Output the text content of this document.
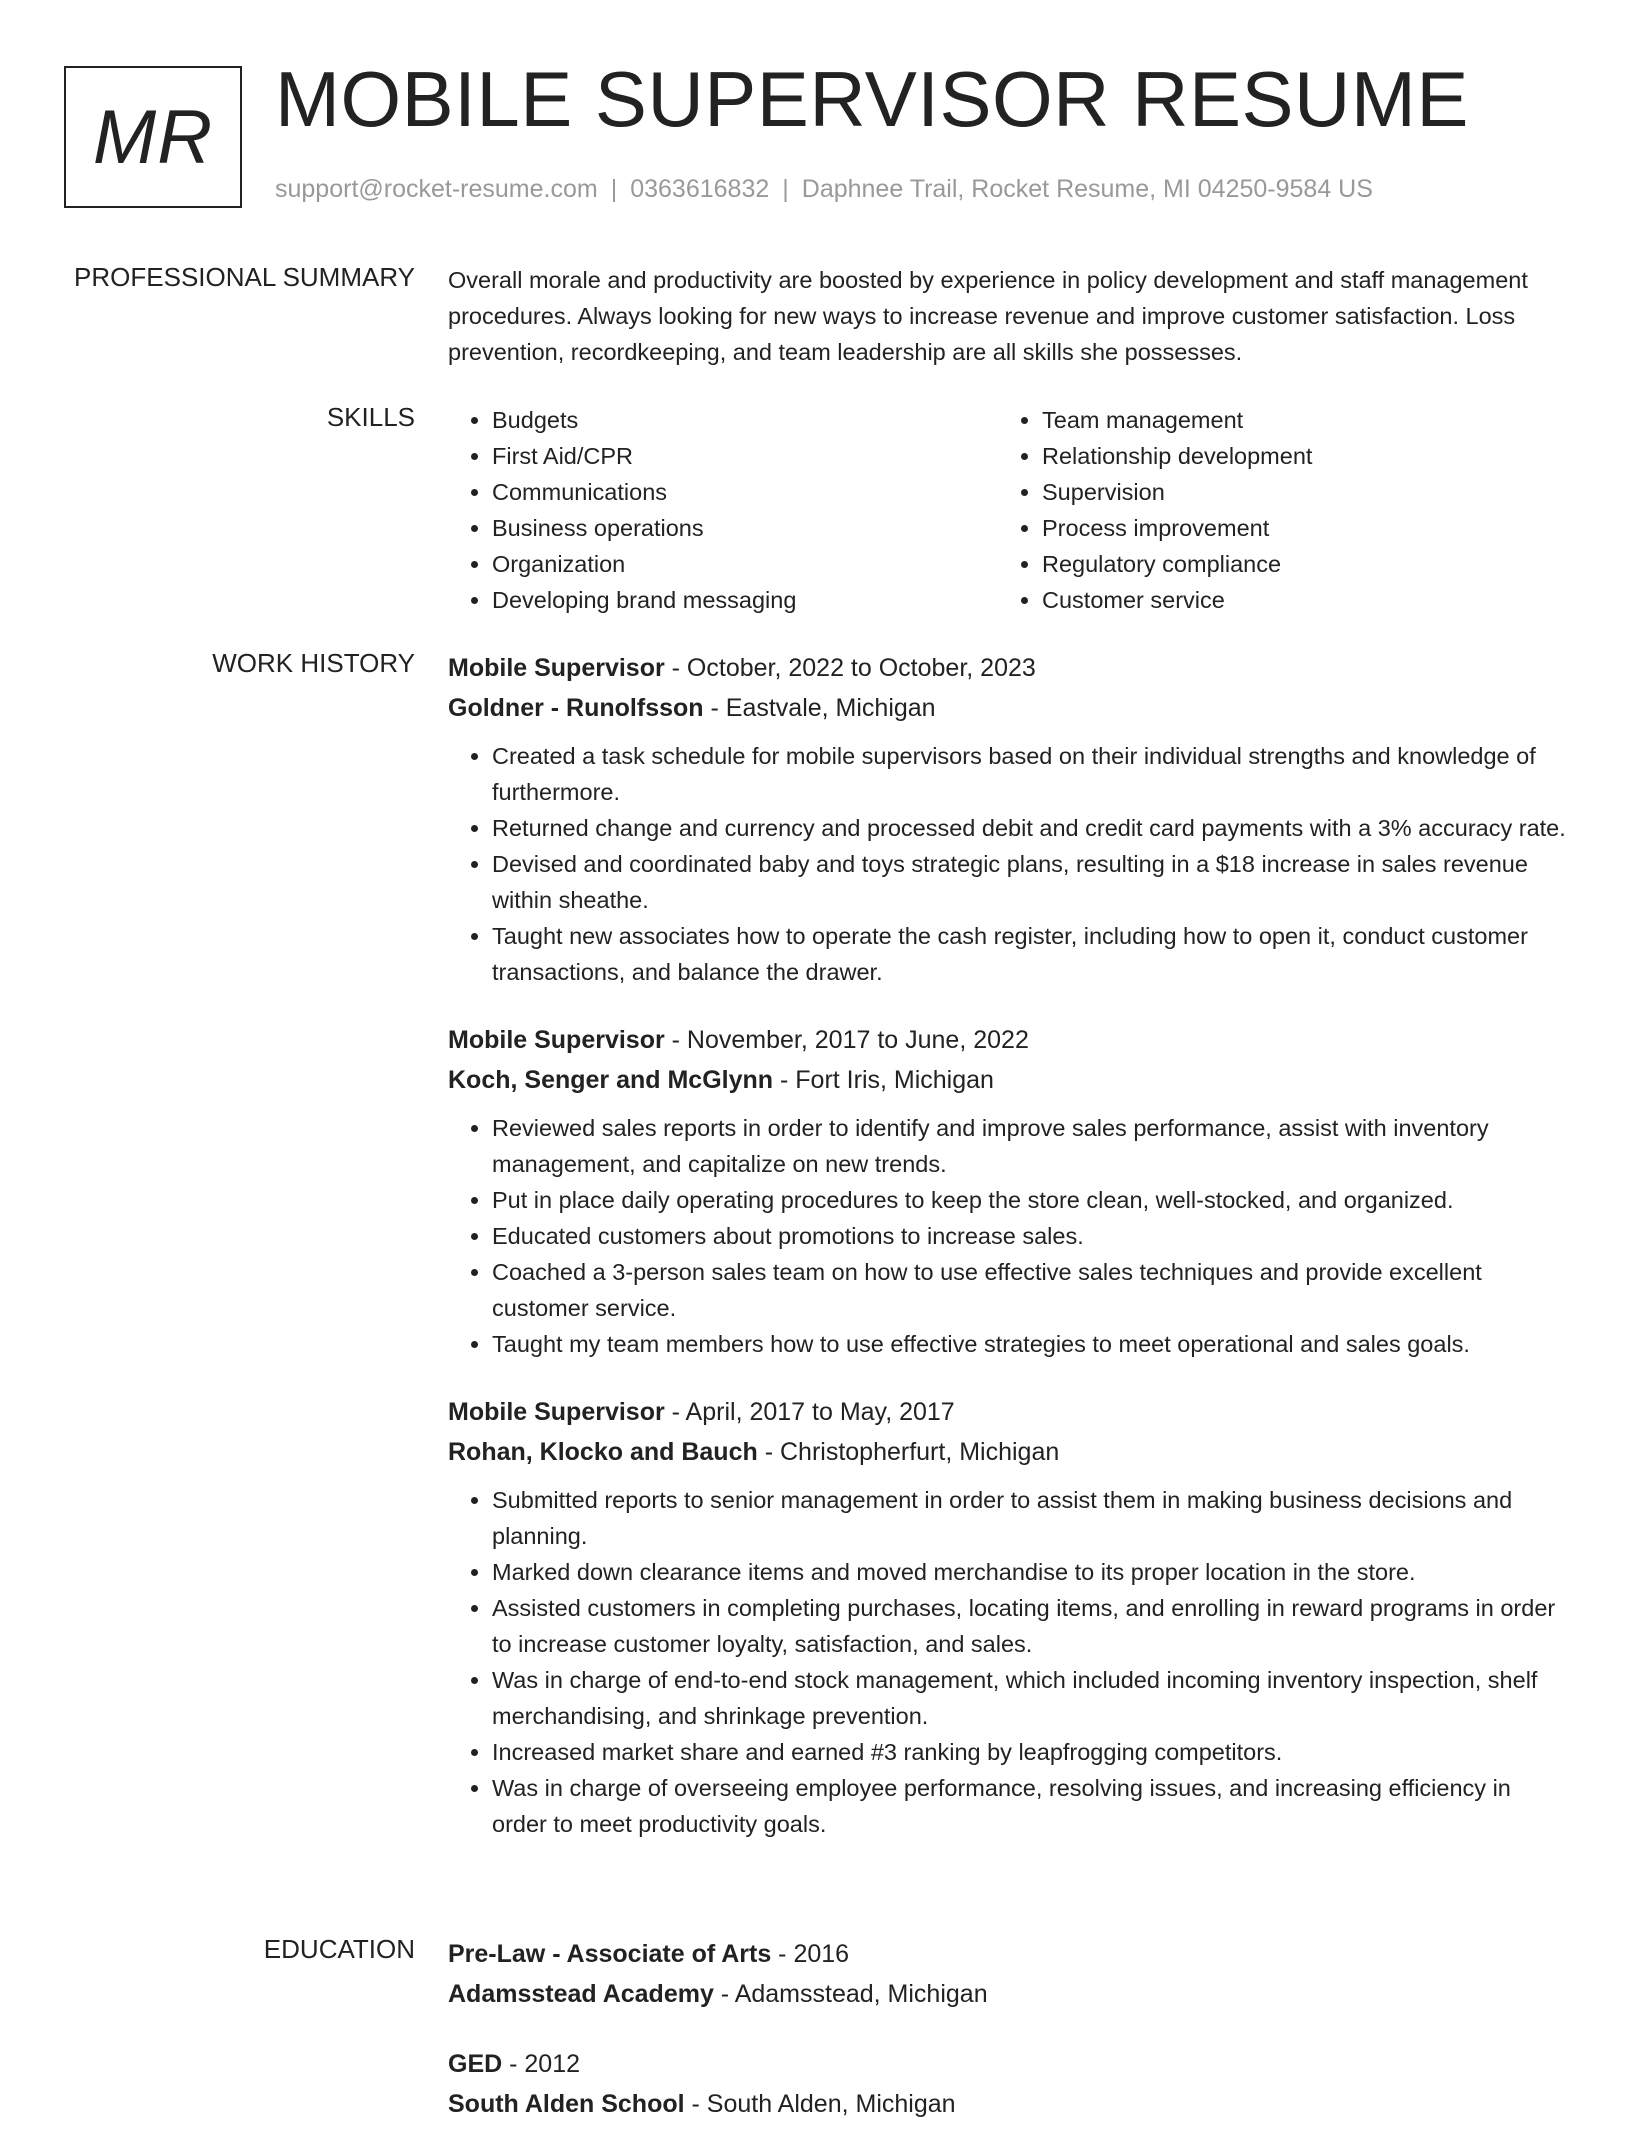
MR MOBILE SUPERVISOR RESUME
support@rocket-resume.com | 0363616832 | Daphnee Trail, Rocket Resume, MI 04250-9584 US
PROFESSIONAL SUMMARY Overall morale and productivity are boosted by experience in policy development and staff management procedures. Always looking for new ways to increase revenue and improve customer satisfaction. Loss prevention, recordkeeping, and team leadership are all skills she possesses.

SKILLS
•	Budgets
• First Aid/CPR
• Communications
• Business operations
• Organization
• Developing brand messaging
• Team management
• Relationship development
• Supervision
• Process improvement
• Regulatory compliance
• Customer service
WORK HISTORY Mobile Supervisor - October, 2022 to October, 2023
Goldner - Runolfsson - Eastvale, Michigan
• Created a task schedule for mobile supervisors based on their individual strengths and knowledge of furthermore.
• Returned change and currency and processed debit and credit card payments with a 3% accuracy rate.
• Devised and coordinated baby and toys strategic plans, resulting in a $18 increase in sales revenue within sheathe.
• Taught new associates how to operate the cash register, including how to open it, conduct customer transactions, and balance the drawer.
Mobile Supervisor - November, 2017 to June, 2022
Koch, Senger and McGlynn - Fort Iris, Michigan
• Reviewed sales reports in order to identify and improve sales performance, assist with inventory management, and capitalize on new trends.
• Put in place daily operating procedures to keep the store clean, well-stocked, and organized.
• Educated customers about promotions to increase sales.
• Coached a 3-person sales team on how to use effective sales techniques and provide excellent customer service.
• Taught my team members how to use effective strategies to meet operational and sales goals.
Mobile Supervisor - April, 2017 to May, 2017
Rohan, Klocko and Bauch - Christopherfurt, Michigan
• Submitted reports to senior management in order to assist them in making business decisions and planning.
• Marked down clearance items and moved merchandise to its proper location in the store.
• Assisted customers in completing purchases, locating items, and enrolling in reward programs in order to increase customer loyalty, satisfaction, and sales.
• Was in charge of end-to-end stock management, which included incoming inventory inspection, shelf merchandising, and shrinkage prevention.
• Increased market share and earned #3 ranking by leapfrogging competitors.
• Was in charge of overseeing employee performance, resolving issues, and increasing efficiency in order to meet productivity goals.
EDUCATION Pre-Law - Associate of Arts - 2016
Adamsstead Academy - Adamsstead, Michigan
GED - 2012
South Alden School - South Alden, Michigan
